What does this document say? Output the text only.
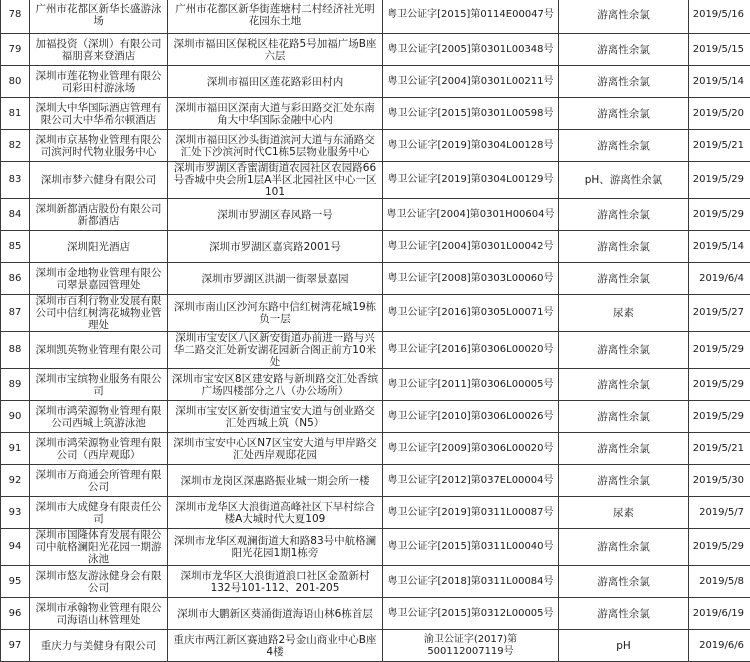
78	广州市花都区新华长盛游泳场	广州市花都区新华街莲塘村二村经济社光明花园东土地	粤卫公证字[2015]第0114E00047号	游离性余氯	2019/5/16
79	加福投资（深圳）有限公司福朋喜来登酒店	深圳市福田区保税区桂花路5号加福广场B座六层	粤卫公证字[2005]第0301L00348号	游离性余氯	2019/5/15
80	深圳市莲花物业管理有限公司彩田村游泳场	深圳市福田区莲花路彩田村内	粤卫公证字[2004]第0301L00211号	游离性余氯	2019/5/14
81	深圳大中华国际酒店管理有限公司大中华希尔顿酒店	深圳市福田区深南大道与彩田路交汇处东南角大中华国际金融中心内	粤卫公证字[2015]第0301L00598号	游离性余氯	2019/5/20
82	深圳市京基物业管理有限公司滨河时代物业服务中心	深圳市福田区沙头街道滨河大道与东涌路交汇处下沙滨河时代C1栋5层物业服务中心	粤卫公证字[2019]第0304L00128号	游离性余氯	2019/5/21
83	深圳市梦六健身有限公司	深圳市罗湖区香蜜湖街道农园社区农园路66号香城中央会所1层A半区北园社区中心一区101	粤卫公证字[2019]第0304L00129号	pH、游离性余氯	2019/5/29
84	深圳新都酒店股份有限公司新都酒店	深圳市罗湖区春风路一号	粤卫公证字[2004]第0301H00604号	游离性余氯	2019/5/29
85	深圳阳光酒店	深圳市罗湖区嘉宾路2001号	粤卫公证字[2004]第0301L00042号	游离性余氯	2019/5/14
86	深圳市金地物业管理有限公司翠景嘉园管理处	深圳市罗湖区洪湖一街翠景嘉园	粤卫公证字[2008]第0303L00060号	游离性余氯	2019/6/4
87	深圳市百利行物业发展有限公司中信红树湾花城物业管理处	深圳市南山区沙河东路中信红树湾花城19栋负一层	粤卫公证字[2016]第0305L00071号	尿素	2019/5/27
88	深圳凯英物业管理有限公司	深圳市宝安区八区新安街道办前进一路与兴华二路交汇处新安湖花园新合阁正前方10米处	粤卫公证字[2016]第0306L00020号	游离性余氯	2019/5/29
89	深圳市宝缤物业服务有限公司	深圳市宝安区8区建安路与新圳路交汇处香缤广场四楼部分之八（办公场所）	粤卫公证字[2011]第0306L00005号	游离性余氯	2019/5/29
90	深圳市鸿荣源物业管理有限公司西城上筑游泳池	深圳市宝安区新安街道宝安大道与创业路交汇处西城上筑（N5）	粤卫公证字[2010]第0306L00026号	游离性余氯	2019/5/29
91	深圳市鸿荣源物业管理有限公司（西岸观邸）	深圳市宝安中心区N7区宝安大道与甲岸路交汇处西岸观邸花园	粤卫公证字[2009]第0306L00020号	游离性余氯	2019/5/21
92	深圳市万商通会所管理有限公司	深圳市龙岗区深惠路振业城一期会所一楼	粤卫公证字[2012]第037EL00004号	游离性余氯	2019/5/30
93	深圳市大成健身有限责任公司	深圳市龙华区大浪街道高峰社区下早村综合楼A大城时代大夏109	粤卫公证字[2019]第0311L00087号	尿素	2019/5/7
94	深圳市国隆体育发展有限公司中航格澜阳光花园一期游泳池	深圳市龙华区观澜街道大和路83号中航格澜阳光花园1期1栋旁	粤卫公证字[2015]第0311L00040号	游离性余氯	2019/5/29
95	深圳市悠友游泳健身会有限公司	深圳市龙华区大浪街道浪口社区金盈新村132号101-112、201-205	粤卫公证字[2018]第0311L00084号	游离性余氯	2019/5/8
96	深圳市承翰物业管理有限公司海语山林管理处	深圳市大鹏新区葵涌街道海语山林6栋首层	粤卫公证字[2015]第0312L00005号	游离性余氯	2019/6/19
97	重庆力与美健身有限公司	重庆市两江新区赛迪路2号金山商业中心B座4楼	渝卫公证字(2017)第500112007119号	pH	2019/6/6
